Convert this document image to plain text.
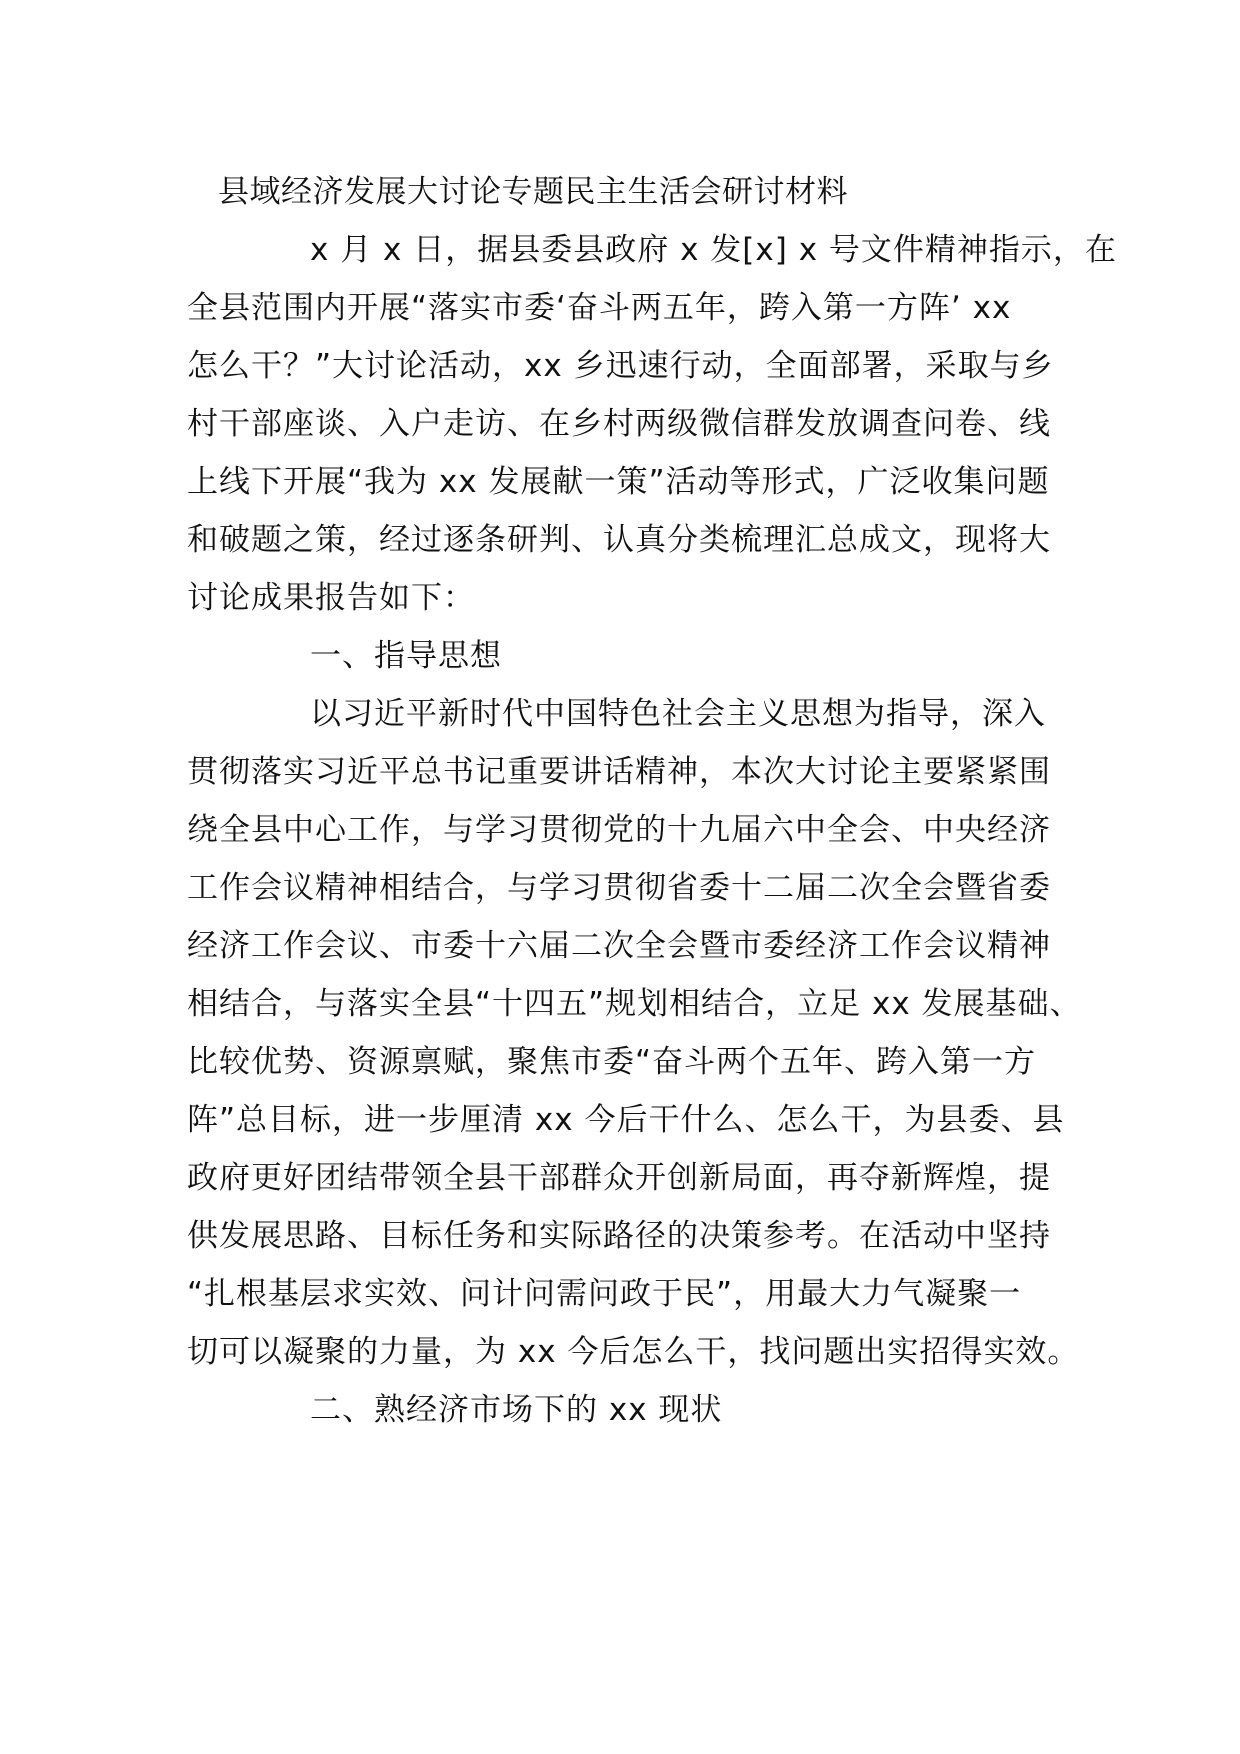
县域经济发展大讨论专题民主生活会研讨材料
x 月 x 日，据县委县政府 x 发[x] x 号文件精神指示，在
全县范围内开展“落实市委‘奋斗两五年，跨入第一方阵’ xx
怎么干？”大讨论活动，xx 乡迅速行动，全面部署，采取与乡
村干部座谈、入户走访、在乡村两级微信群发放调查问卷、线
上线下开展“我为 xx 发展献一策”活动等形式，广泛收集问题
和破题之策，经过逐条研判、认真分类梳理汇总成文，现将大
讨论成果报告如下：
一、指导思想
以习近平新时代中国特色社会主义思想为指导，深入
贯彻落实习近平总书记重要讲话精神，本次大讨论主要紧紧围
绕全县中心工作，与学习贯彻党的十九届六中全会、中央经济
工作会议精神相结合，与学习贯彻省委十二届二次全会暨省委
经济工作会议、市委十六届二次全会暨市委经济工作会议精神
相结合，与落实全县“十四五”规划相结合，立足 xx 发展基础、
比较优势、资源禀赋，聚焦市委“奋斗两个五年、跨入第一方
阵”总目标，进一步厘清 xx 今后干什么、怎么干，为县委、县
政府更好团结带领全县干部群众开创新局面，再夺新辉煌，提
供发展思路、目标任务和实际路径的决策参考。在活动中坚持
“扎根基层求实效、问计问需问政于民”，用最大力气凝聚一
切可以凝聚的力量，为 xx 今后怎么干，找问题出实招得实效。
二、熟经济市场下的 xx 现状
